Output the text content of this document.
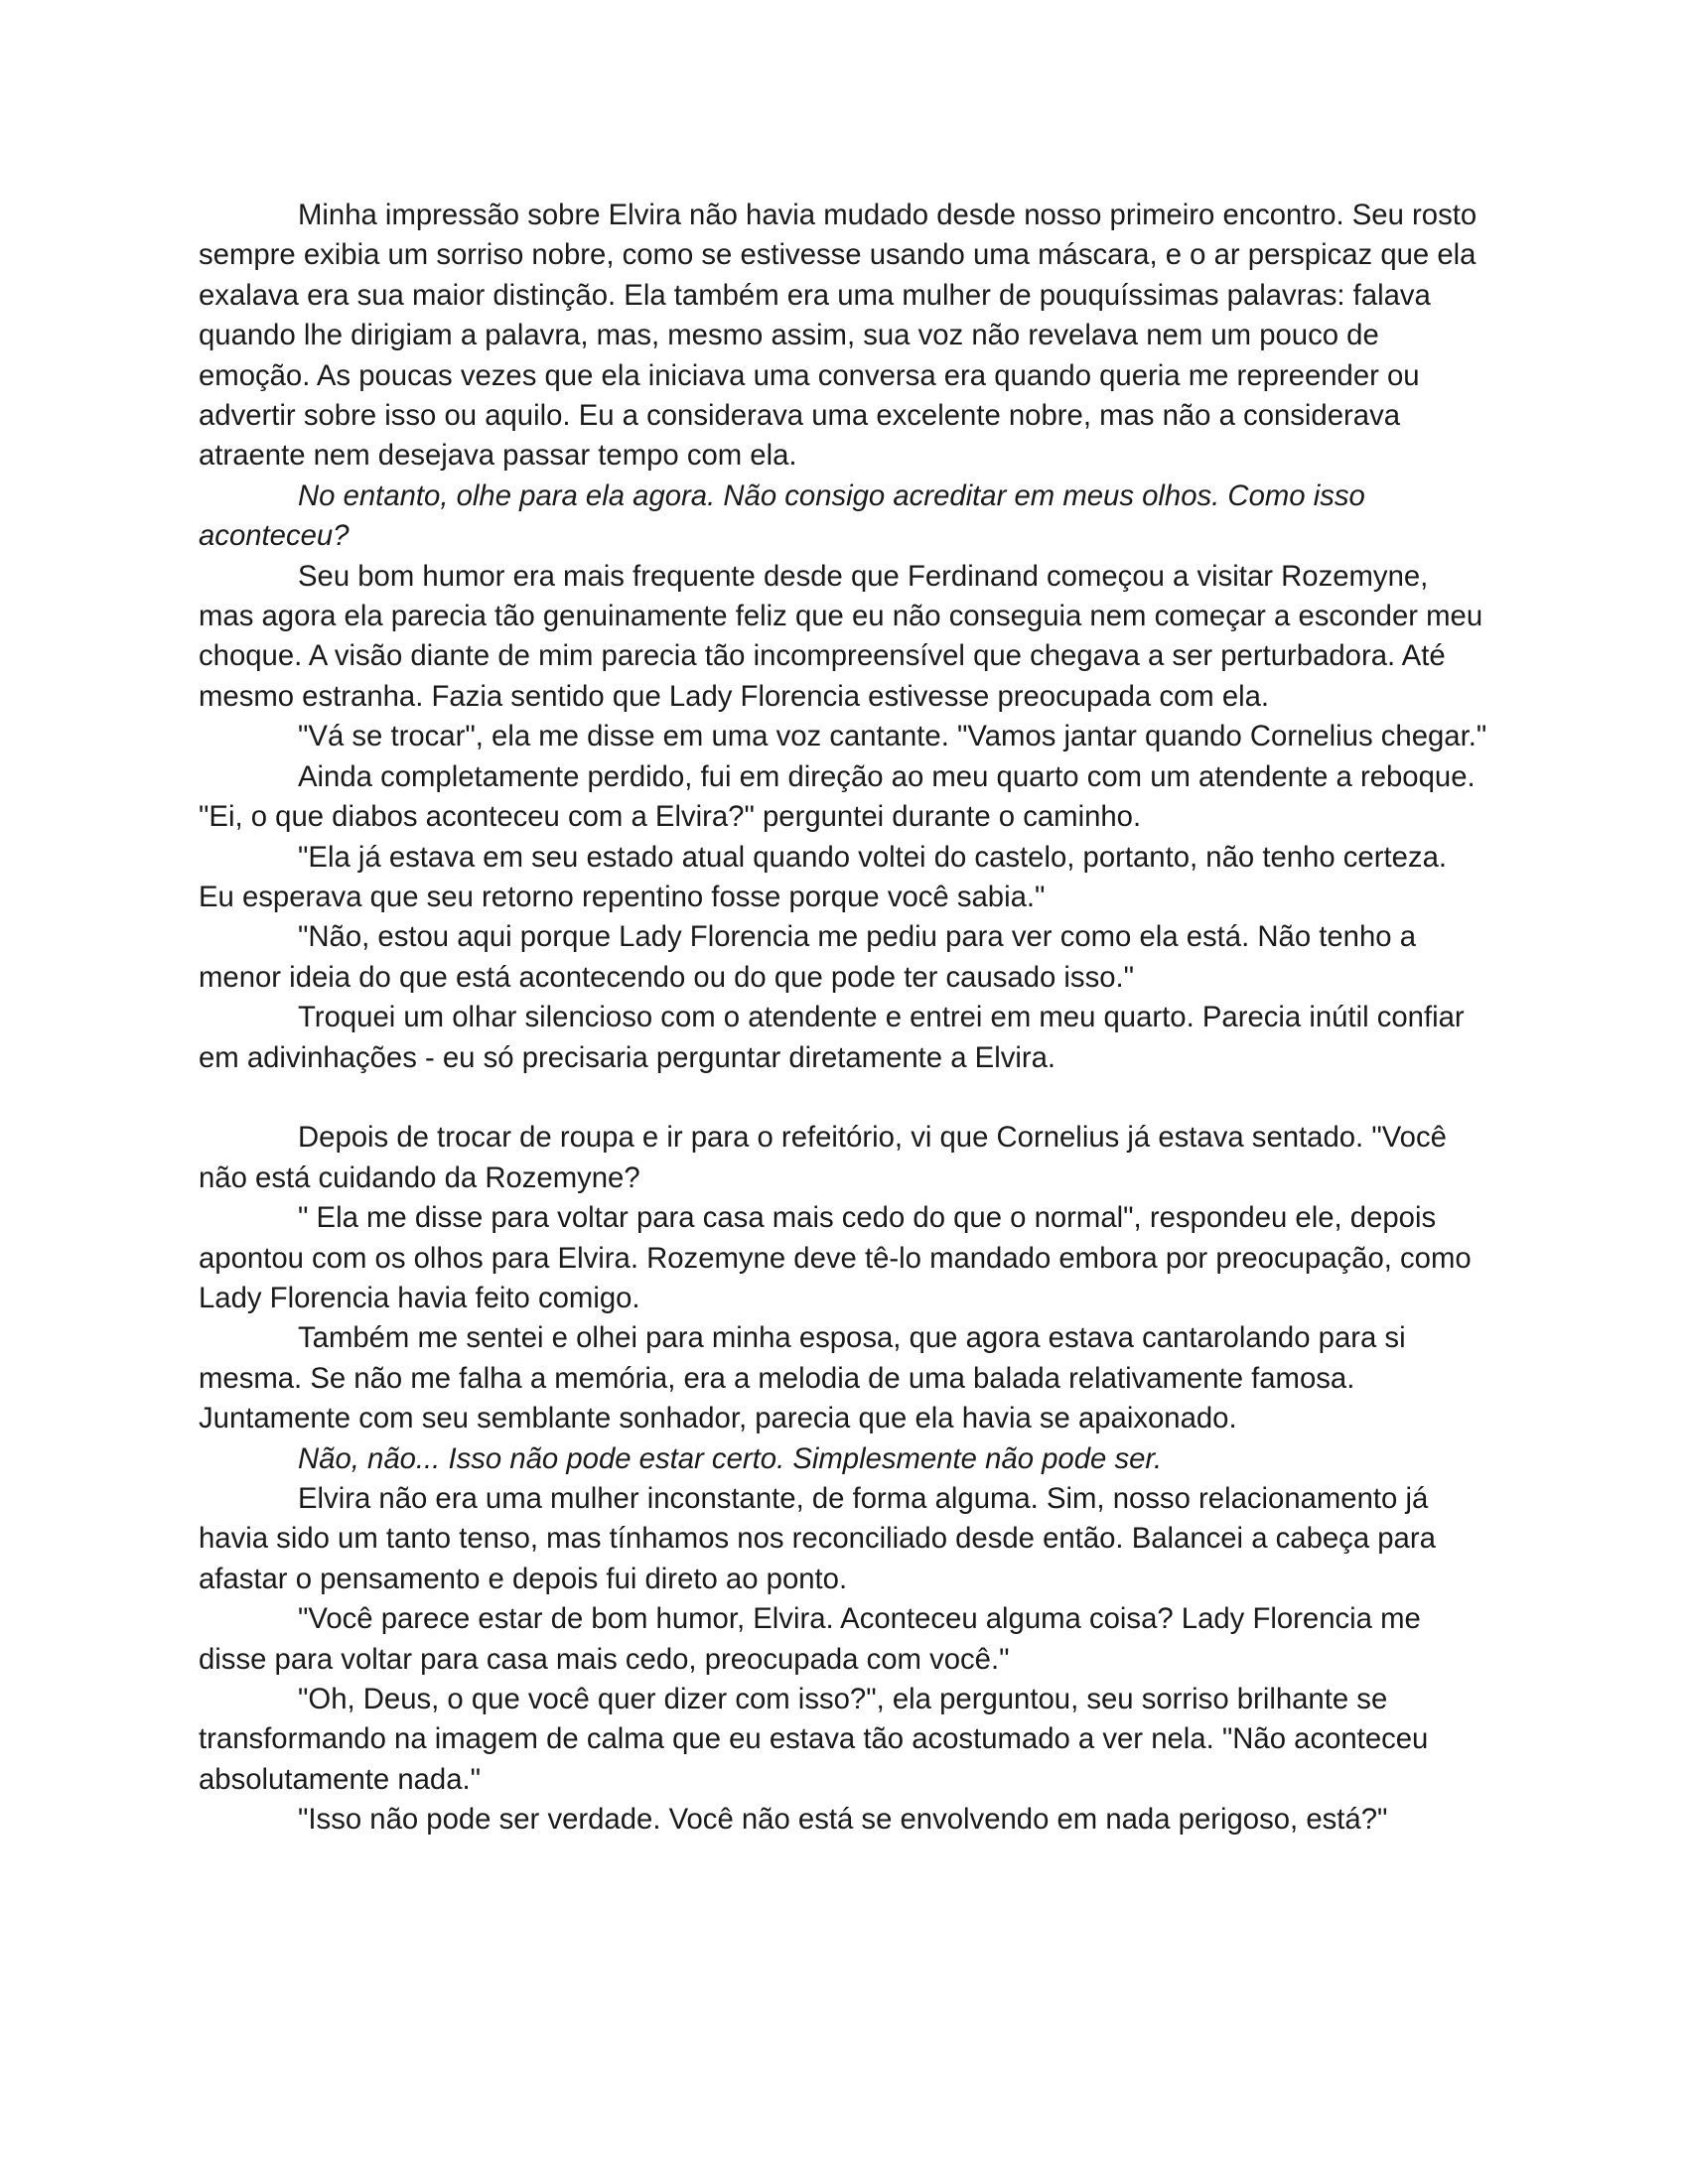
Minha impressão sobre Elvira não havia mudado desde nosso primeiro encontro. Seu rosto sempre exibia um sorriso nobre, como se estivesse usando uma máscara, e o ar perspicaz que ela exalava era sua maior distinção. Ela também era uma mulher de pouquíssimas palavras: falava quando lhe dirigiam a palavra, mas, mesmo assim, sua voz não revelava nem um pouco de emoção. As poucas vezes que ela iniciava uma conversa era quando queria me repreender ou advertir sobre isso ou aquilo. Eu a considerava uma excelente nobre, mas não a considerava atraente nem desejava passar tempo com ela.

No entanto, olhe para ela agora. Não consigo acreditar em meus olhos. Como isso aconteceu?

Seu bom humor era mais frequente desde que Ferdinand começou a visitar Rozemyne, mas agora ela parecia tão genuinamente feliz que eu não conseguia nem começar a esconder meu choque. A visão diante de mim parecia tão incompreensível que chegava a ser perturbadora. Até mesmo estranha. Fazia sentido que Lady Florencia estivesse preocupada com ela.

"Vá se trocar", ela me disse em uma voz cantante. "Vamos jantar quando Cornelius chegar."

Ainda completamente perdido, fui em direção ao meu quarto com um atendente a reboque. "Ei, o que diabos aconteceu com a Elvira?" perguntei durante o caminho.

"Ela já estava em seu estado atual quando voltei do castelo, portanto, não tenho certeza. Eu esperava que seu retorno repentino fosse porque você sabia."

"Não, estou aqui porque Lady Florencia me pediu para ver como ela está. Não tenho a menor ideia do que está acontecendo ou do que pode ter causado isso."

Troquei um olhar silencioso com o atendente e entrei em meu quarto. Parecia inútil confiar em adivinhações - eu só precisaria perguntar diretamente a Elvira.

Depois de trocar de roupa e ir para o refeitório, vi que Cornelius já estava sentado. "Você não está cuidando da Rozemyne?

" Ela me disse para voltar para casa mais cedo do que o normal", respondeu ele, depois apontou com os olhos para Elvira. Rozemyne deve tê-lo mandado embora por preocupação, como Lady Florencia havia feito comigo.

Também me sentei e olhei para minha esposa, que agora estava cantarolando para si mesma. Se não me falha a memória, era a melodia de uma balada relativamente famosa. Juntamente com seu semblante sonhador, parecia que ela havia se apaixonado.

Não, não... Isso não pode estar certo. Simplesmente não pode ser.

Elvira não era uma mulher inconstante, de forma alguma. Sim, nosso relacionamento já havia sido um tanto tenso, mas tínhamos nos reconciliado desde então. Balancei a cabeça para afastar o pensamento e depois fui direto ao ponto.

"Você parece estar de bom humor, Elvira. Aconteceu alguma coisa? Lady Florencia me disse para voltar para casa mais cedo, preocupada com você."

"Oh, Deus, o que você quer dizer com isso?", ela perguntou, seu sorriso brilhante se transformando na imagem de calma que eu estava tão acostumado a ver nela. "Não aconteceu absolutamente nada."

"Isso não pode ser verdade. Você não está se envolvendo em nada perigoso, está?"
